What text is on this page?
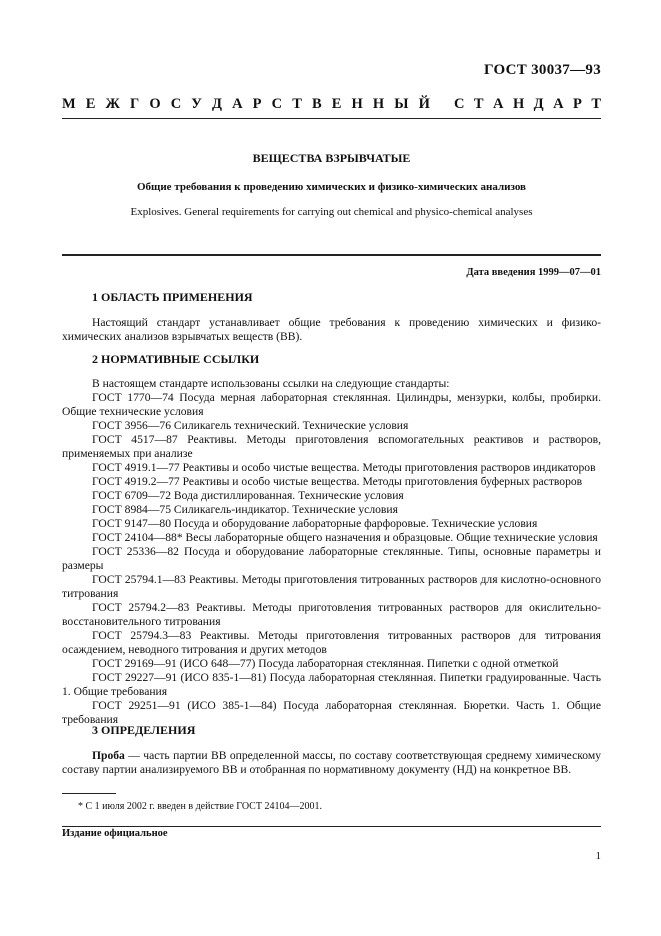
ГОСТ 30037—93
М Е Ж Г О С У Д А Р С Т В Е Н Н Ы Й С Т А Н Д А Р Т
ВЕЩЕСТВА ВЗРЫВЧАТЫЕ
Общие требования к проведению химических и физико-химических анализов
Explosives. General requirements for carrying out chemical and physico-chemical analyses
Дата введения 1999—07—01
1 ОБЛАСТЬ ПРИМЕНЕНИЯ

Настоящий стандарт устанавливает общие требования к проведению химических и физико-химических анализов взрывчатых веществ (ВВ).

2 НОРМАТИВНЫЕ ССЫЛКИ

В настоящем стандарте использованы ссылки на следующие стандарты:

ГОСТ 1770—74 Посуда мерная лабораторная стеклянная. Цилиндры, мензурки, колбы, пробирки. Общие технические условия

ГОСТ 3956—76 Силикагель технический. Технические условия

ГОСТ 4517—87 Реактивы. Методы приготовления вспомогательных реактивов и растворов, применяемых при анализе

ГОСТ 4919.1—77 Реактивы и особо чистые вещества. Методы приготовления растворов индикаторов

ГОСТ 4919.2—77 Реактивы и особо чистые вещества. Методы приготовления буферных растворов

ГОСТ 6709—72 Вода дистиллированная. Технические условия

ГОСТ 8984—75 Силикагель-индикатор. Технические условия

ГОСТ 9147—80 Посуда и оборудование лабораторные фарфоровые. Технические условия

ГОСТ 24104—88* Весы лабораторные общего назначения и образцовые. Общие технические условия

ГОСТ 25336—82 Посуда и оборудование лабораторные стеклянные. Типы, основные параметры и размеры

ГОСТ 25794.1—83 Реактивы. Методы приготовления титрованных растворов для кислотно-основного титрования

ГОСТ 25794.2—83 Реактивы. Методы приготовления титрованных растворов для окислительно-восстановительного титрования

ГОСТ 25794.3—83 Реактивы. Методы приготовления титрованных растворов для титрования осаждением, неводного титрования и других методов

ГОСТ 29169—91 (ИСО 648—77) Посуда лабораторная стеклянная. Пипетки с одной отметкой

ГОСТ 29227—91 (ИСО 835-1—81) Посуда лабораторная стеклянная. Пипетки градуированные. Часть 1. Общие требования

ГОСТ 29251—91 (ИСО 385-1—84) Посуда лабораторная стеклянная. Бюретки. Часть 1. Общие требования

3 ОПРЕДЕЛЕНИЯ

Проба — часть партии ВВ определенной массы, по составу соответствующая среднему химическому составу партии анализируемого ВВ и отобранная по нормативному документу (НД) на конкретное ВВ.

* С 1 июля 2002 г. введен в действие ГОСТ 24104—2001.
Издание официальное
1
